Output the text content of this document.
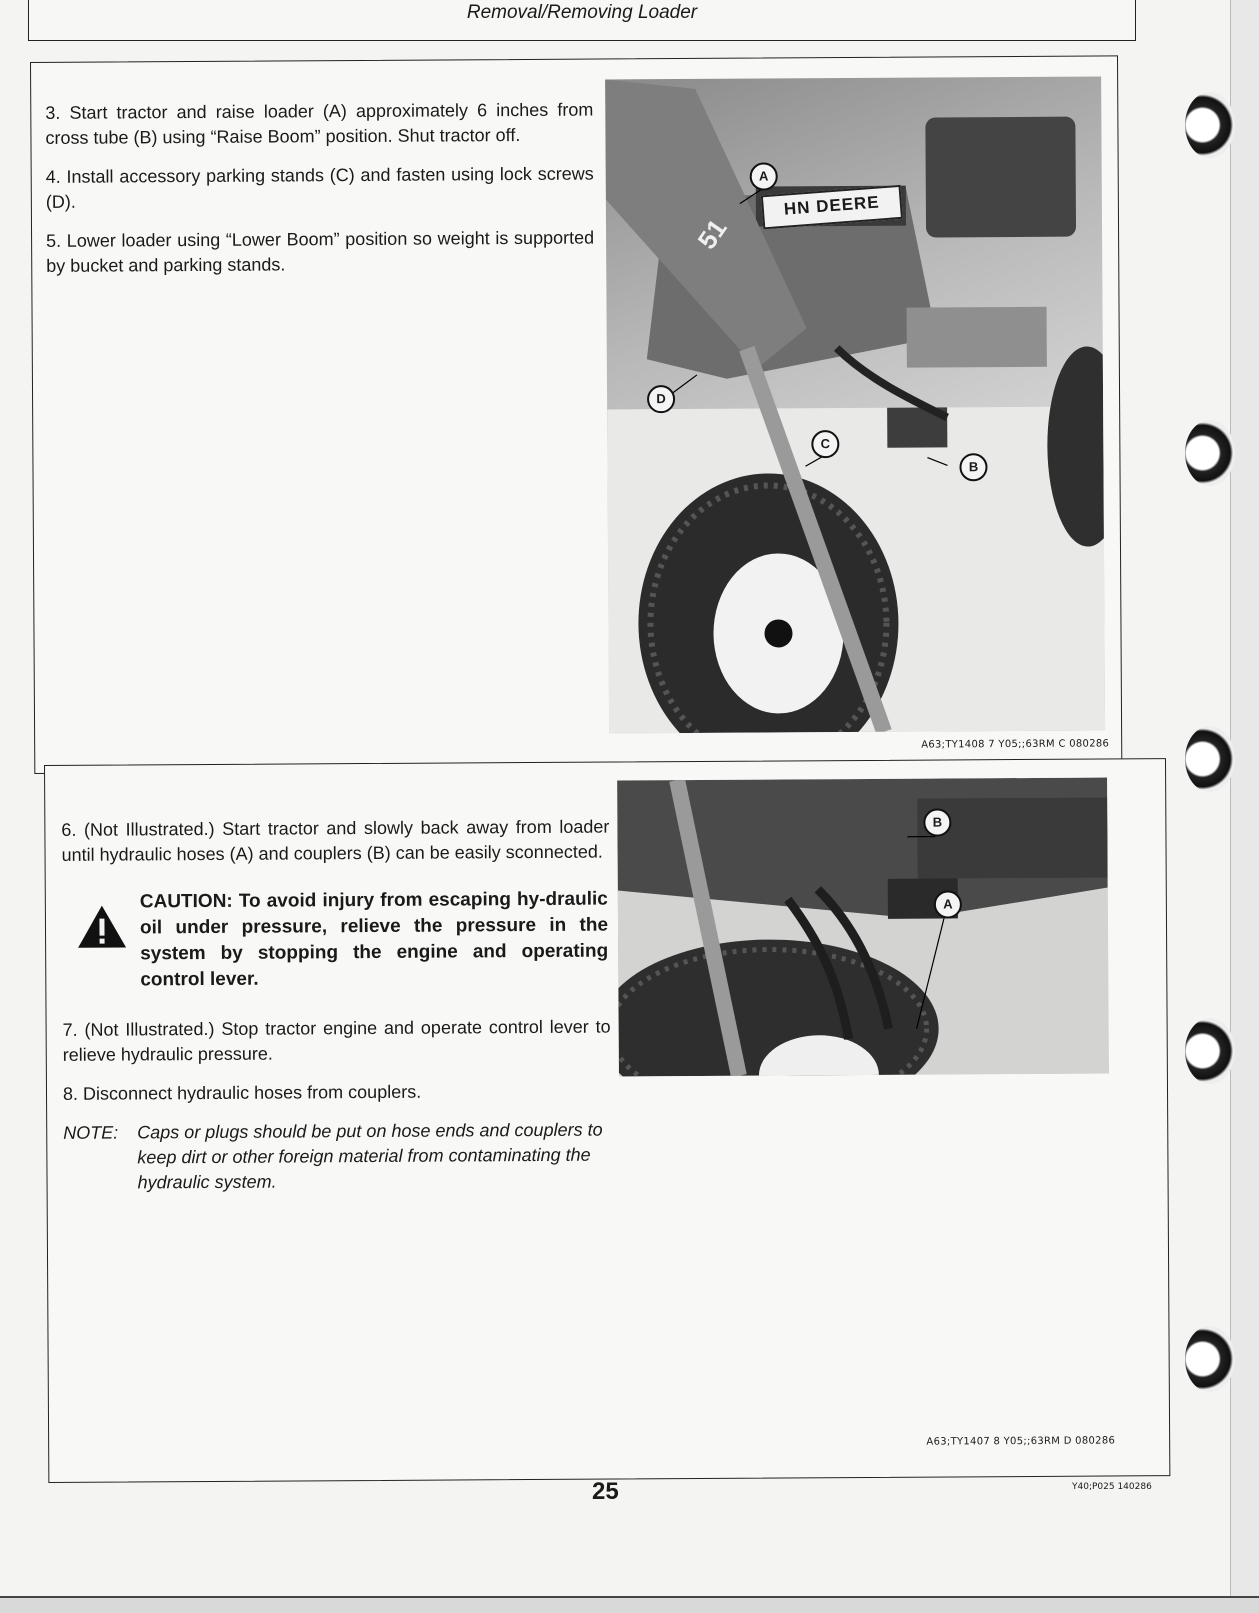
Removal/Removing Loader

3. Start tractor and raise loader (A) approximately 6 inches from cross tube (B) using “Raise Boom” position. Shut tractor off.

4. Install accessory parking stands (C) and fasten using lock screws (D).

5. Lower loader using “Lower Boom” position so weight is supported by bucket and parking stands.

HN DEERE
51
A
B
C
D
A63;TY1408 7 Y05;;63RM C 080286

6. (Not Illustrated.) Start tractor and slowly back away from loader until hydraulic hoses (A) and couplers (B) can be easily sconnected.

CAUTION: To avoid injury from escaping hy-draulic oil under pressure, relieve the pressure in the system by stopping the engine and operating control lever.

7. (Not Illustrated.) Stop tractor engine and operate control lever to relieve hydraulic pressure.

8. Disconnect hydraulic hoses from couplers.

NOTE:	Caps or plugs should be put on hose ends and couplers to keep dirt or other foreign material from contaminating the hydraulic system.
B
A
A63;TY1407 8 Y05;;63RM D 080286
25	Y40;P025 140286
